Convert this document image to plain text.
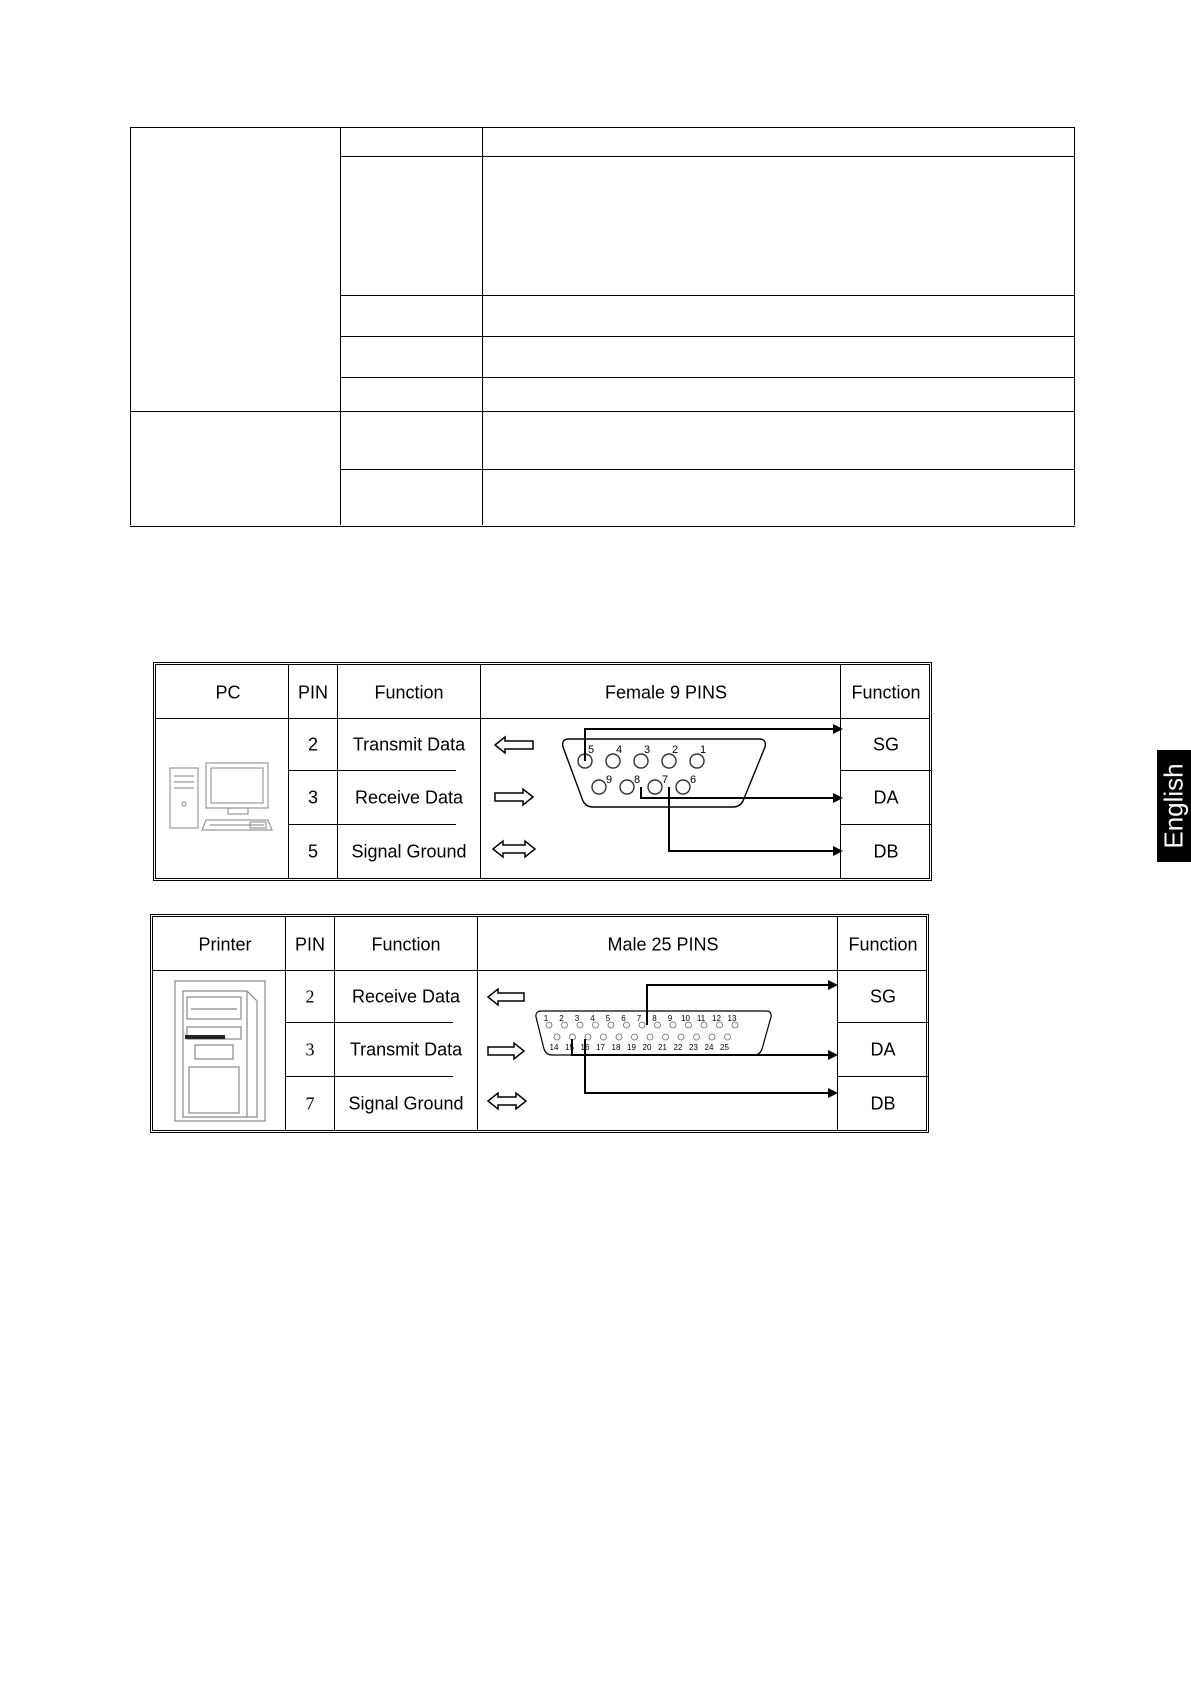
PC	PIN	Function	Female 9 PINS	Function
2 Transmit Data	SG
3 Receive Data	DA
5 Signal Ground	DB
5 4 3 2 1
9 8 7 6
Printer PIN	Function	Male 25 PINS	Function
2 Receive Data	SG
3 Transmit Data	DA
7 Signal Ground	DB
1 2 3 4 5 6 7 8 9 10 11 12 13
14 15 16 17 18 19 20 21 22 23 24 25
English
